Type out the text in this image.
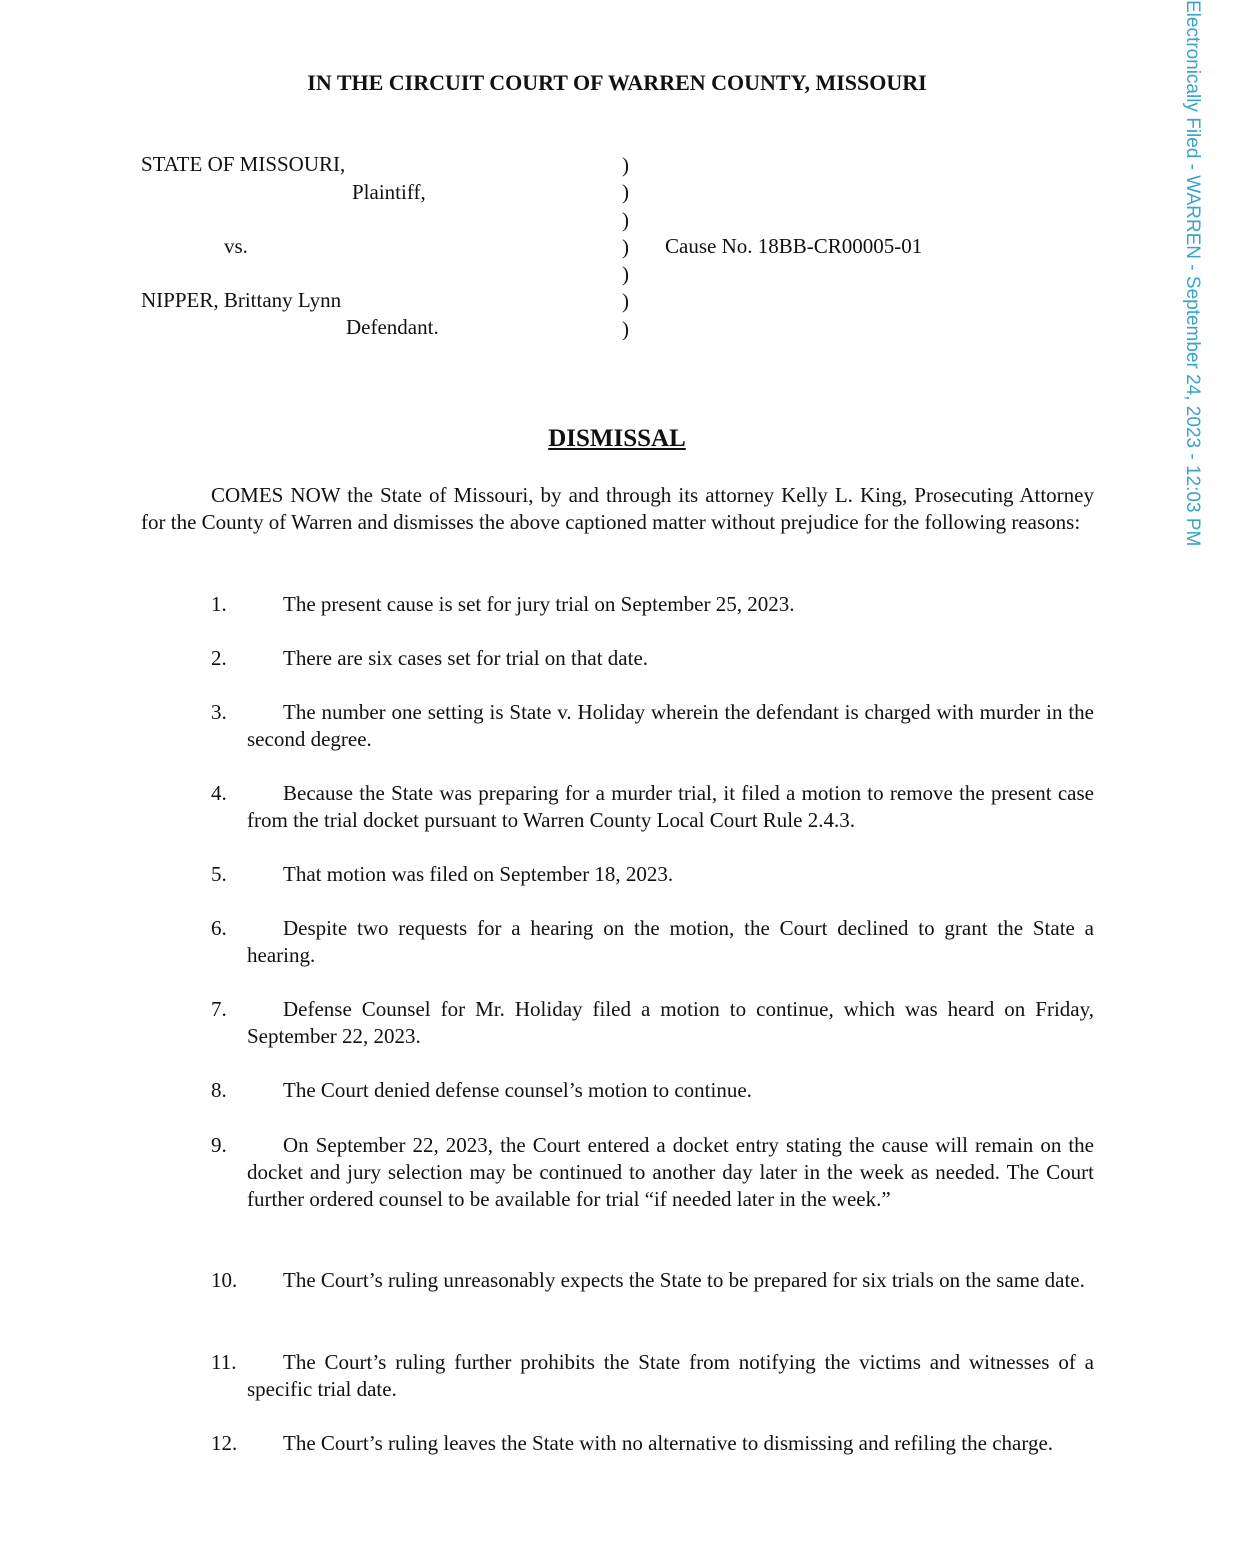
Electronically Filed - WARREN - September 24, 2023 - 12:03 PM
IN THE CIRCUIT COURT OF WARREN COUNTY, MISSOURI
STATE OF MISSOURI,
Plaintiff,
vs.
NIPPER, Brittany Lynn
Defendant.
Cause No. 18BB-CR00005-01
)
)
)
)
)
)
)
DISMISSAL

COMES NOW the State of Missouri, by and through its attorney Kelly L. King, Prosecuting Attorney for the County of Warren and dismisses the above captioned matter without prejudice for the following reasons:

1.	The present cause is set for jury trial on September 25, 2023.
2.	There are six cases set for trial on that date.
3.	The number one setting is State v. Holiday wherein the defendant is charged with murder in the second degree.
4.	Because the State was preparing for a murder trial, it filed a motion to remove the present case from the trial docket pursuant to Warren County Local Court Rule 2.4.3.
5.	That motion was filed on September 18, 2023.
6.	Despite two requests for a hearing on the motion, the Court declined to grant the State a hearing.
7.	Defense Counsel for Mr. Holiday filed a motion to continue, which was heard on Friday, September 22, 2023.
8.	The Court denied defense counsel’s motion to continue.
9.	On September 22, 2023, the Court entered a docket entry stating the cause will remain on the docket and jury selection may be continued to another day later in the week as needed. The Court further ordered counsel to be available for trial “if needed later in the week.”
10. The Court’s ruling unreasonably expects the State to be prepared for six trials on the same date.
11. The Court’s ruling further prohibits the State from notifying the victims and witnesses of a specific trial date.
12. The Court’s ruling leaves the State with no alternative to dismissing and refiling the charge.
